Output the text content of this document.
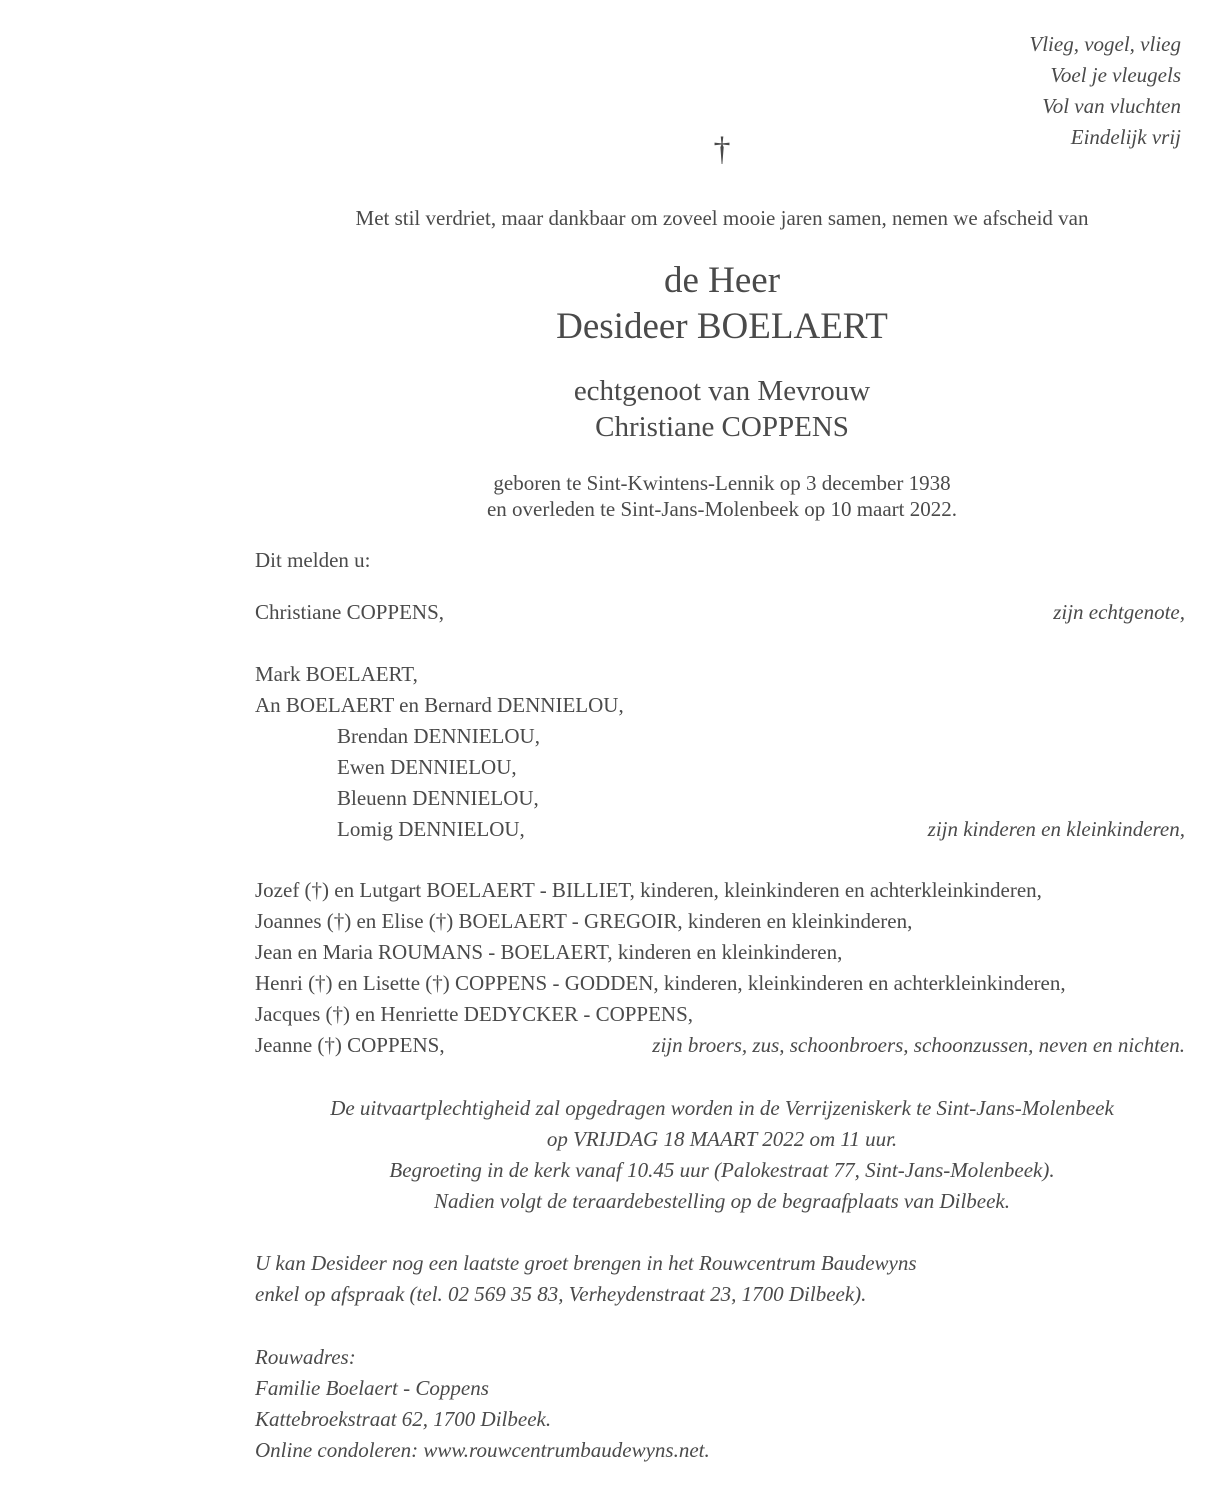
Vlieg, vogel, vlieg
Voel je vleugels
Vol van vluchten
Eindelijk vrij
†
Met stil verdriet, maar dankbaar om zoveel mooie jaren samen, nemen we afscheid van
de Heer
Desideer BOELAERT
echtgenoot van Mevrouw
Christiane COPPENS
geboren te Sint-Kwintens-Lennik op 3 december 1938
en overleden te Sint-Jans-Molenbeek op 10 maart 2022.
Dit melden u:
Christiane COPPENS,	zijn echtgenote,
Mark BOELAERT,
An BOELAERT en Bernard DENNIELOU,
Brendan DENNIELOU,
Ewen DENNIELOU,
Bleuenn DENNIELOU,
Lomig DENNIELOU,	zijn kinderen en kleinkinderen,
Jozef (†) en Lutgart BOELAERT - BILLIET, kinderen, kleinkinderen en achterkleinkinderen,
Joannes (†) en Elise (†) BOELAERT - GREGOIR, kinderen en kleinkinderen,
Jean en Maria ROUMANS - BOELAERT, kinderen en kleinkinderen,
Henri (†) en Lisette (†) COPPENS - GODDEN, kinderen, kleinkinderen en achterkleinkinderen,
Jacques (†) en Henriette DEDYCKER - COPPENS,
Jeanne (†) COPPENS,	zijn broers, zus, schoonbroers, schoonzussen, neven en nichten.
De uitvaartplechtigheid zal opgedragen worden in de Verrijzeniskerk te Sint-Jans-Molenbeek
op VRIJDAG 18 MAART 2022 om 11 uur.
Begroeting in de kerk vanaf 10.45 uur (Palokestraat 77, Sint-Jans-Molenbeek).
Nadien volgt de teraardebestelling op de begraafplaats van Dilbeek.
U kan Desideer nog een laatste groet brengen in het Rouwcentrum Baudewyns
enkel op afspraak (tel. 02 569 35 83, Verheydenstraat 23, 1700 Dilbeek).
Rouwadres:
Familie Boelaert - Coppens
Kattebroekstraat 62, 1700 Dilbeek.
Online condoleren: www.rouwcentrumbaudewyns.net.
